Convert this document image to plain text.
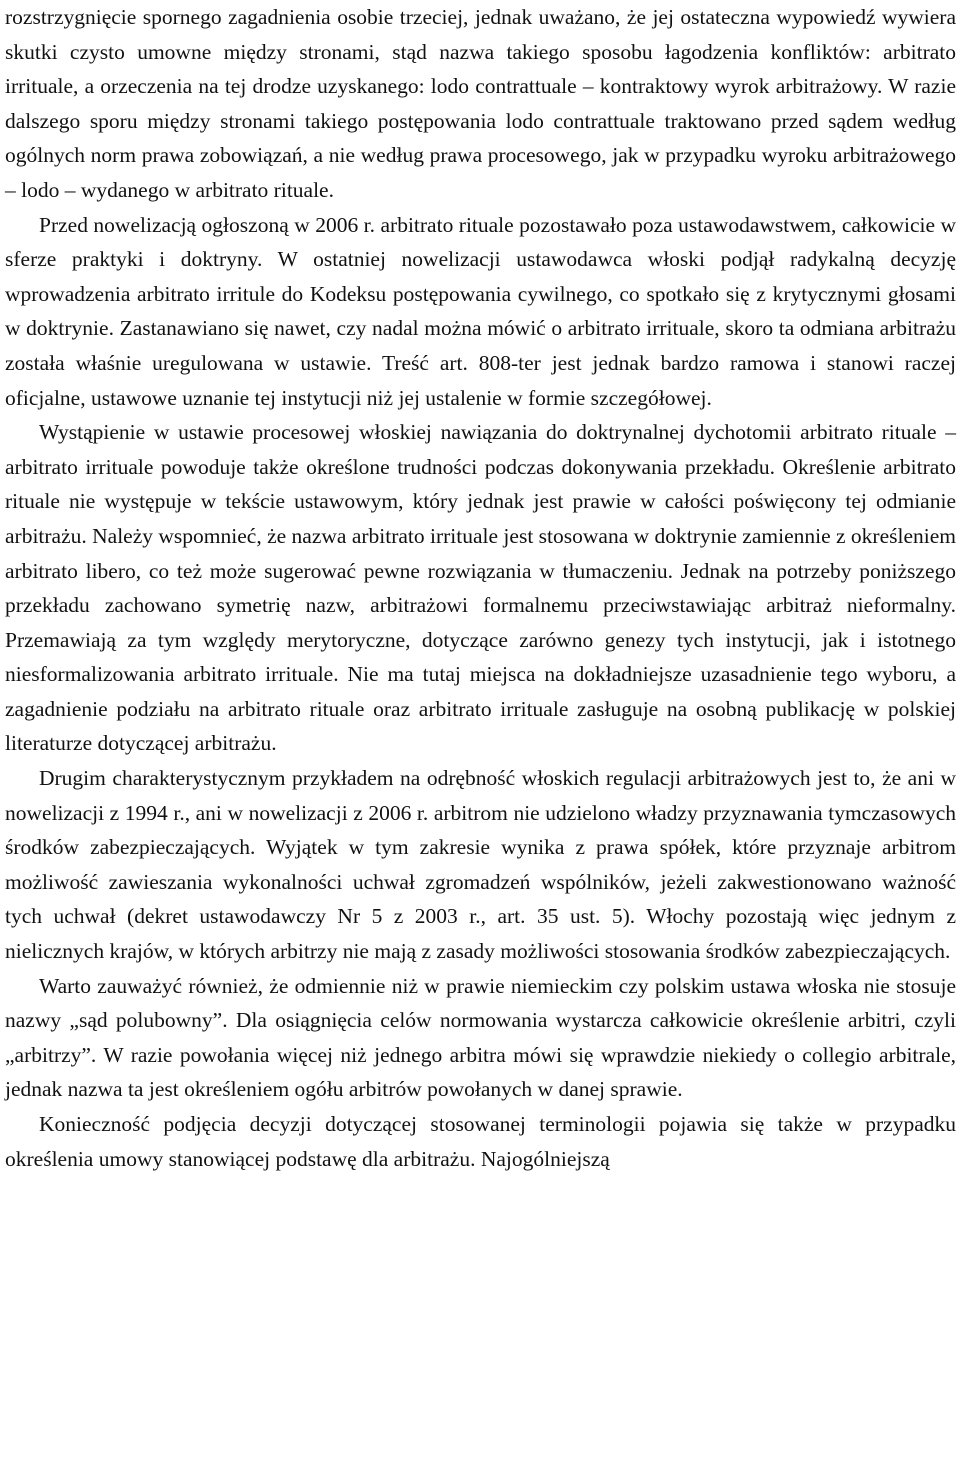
rozstrzygnięcie spornego zagadnienia osobie trzeciej, jednak uważano, że jej ostateczna wypowiedź wywiera skutki czysto umowne między stronami, stąd nazwa takiego sposobu łagodzenia konfliktów: arbitrato irrituale, a orzeczenia na tej drodze uzyskanego: lodo contrattuale – kontraktowy wyrok arbitrażowy. W razie dalszego sporu między stronami takiego postępowania lodo contrattuale traktowano przed sądem według ogólnych norm prawa zobowiązań, a nie według prawa procesowego, jak w przypadku wyroku arbitrażowego – lodo – wydanego w arbitrato rituale.

Przed nowelizacją ogłoszoną w 2006 r. arbitrato rituale pozostawało poza ustawodawstwem, całkowicie w sferze praktyki i doktryny. W ostatniej nowelizacji ustawodawca włoski podjął radykalną decyzję wprowadzenia arbitrato irritule do Kodeksu postępowania cywilnego, co spotkało się z krytycznymi głosami w doktrynie. Zastanawiano się nawet, czy nadal można mówić o arbitrato irrituale, skoro ta odmiana arbitrażu została właśnie uregulowana w ustawie. Treść art. 808-ter jest jednak bardzo ramowa i stanowi raczej oficjalne, ustawowe uznanie tej instytucji niż jej ustalenie w formie szczegółowej.

Wystąpienie w ustawie procesowej włoskiej nawiązania do doktrynalnej dychotomii arbitrato rituale – arbitrato irrituale powoduje także określone trudności podczas dokonywania przekładu. Określenie arbitrato rituale nie występuje w tekście ustawowym, który jednak jest prawie w całości poświęcony tej odmianie arbitrażu. Należy wspomnieć, że nazwa arbitrato irrituale jest stosowana w doktrynie zamiennie z określeniem arbitrato libero, co też może sugerować pewne rozwiązania w tłumaczeniu. Jednak na potrzeby poniższego przekładu zachowano symetrię nazw, arbitrażowi formalnemu przeciwstawiając arbitraż nieformalny. Przemawiają za tym względy merytoryczne, dotyczące zarówno genezy tych instytucji, jak i istotnego niesformalizowania arbitrato irrituale. Nie ma tutaj miejsca na dokładniejsze uzasadnienie tego wyboru, a zagadnienie podziału na arbitrato rituale oraz arbitrato irrituale zasługuje na osobną publikację w polskiej literaturze dotyczącej arbitrażu.

Drugim charakterystycznym przykładem na odrębność włoskich regulacji arbitrażowych jest to, że ani w nowelizacji z 1994 r., ani w nowelizacji z 2006 r. arbitrom nie udzielono władzy przyznawania tymczasowych środków zabezpieczających. Wyjątek w tym zakresie wynika z prawa spółek, które przyznaje arbitrom możliwość zawieszania wykonalności uchwał zgromadzeń wspólników, jeżeli zakwestionowano ważność tych uchwał (dekret ustawodawczy Nr 5 z 2003 r., art. 35 ust. 5). Włochy pozostają więc jednym z nielicznych krajów, w których arbitrzy nie mają z zasady możliwości stosowania środków zabezpieczających.

Warto zauważyć również, że odmiennie niż w prawie niemieckim czy polskim ustawa włoska nie stosuje nazwy „sąd polubowny”. Dla osiągnięcia celów normowania wystarcza całkowicie określenie arbitri, czyli „arbitrzy”. W razie powołania więcej niż jednego arbitra mówi się wprawdzie niekiedy o collegio arbitrale, jednak nazwa ta jest określeniem ogółu arbitrów powołanych w danej sprawie.

Konieczność podjęcia decyzji dotyczącej stosowanej terminologii pojawia się także w przypadku określenia umowy stanowiącej podstawę dla arbitrażu. Najogólniejszą
